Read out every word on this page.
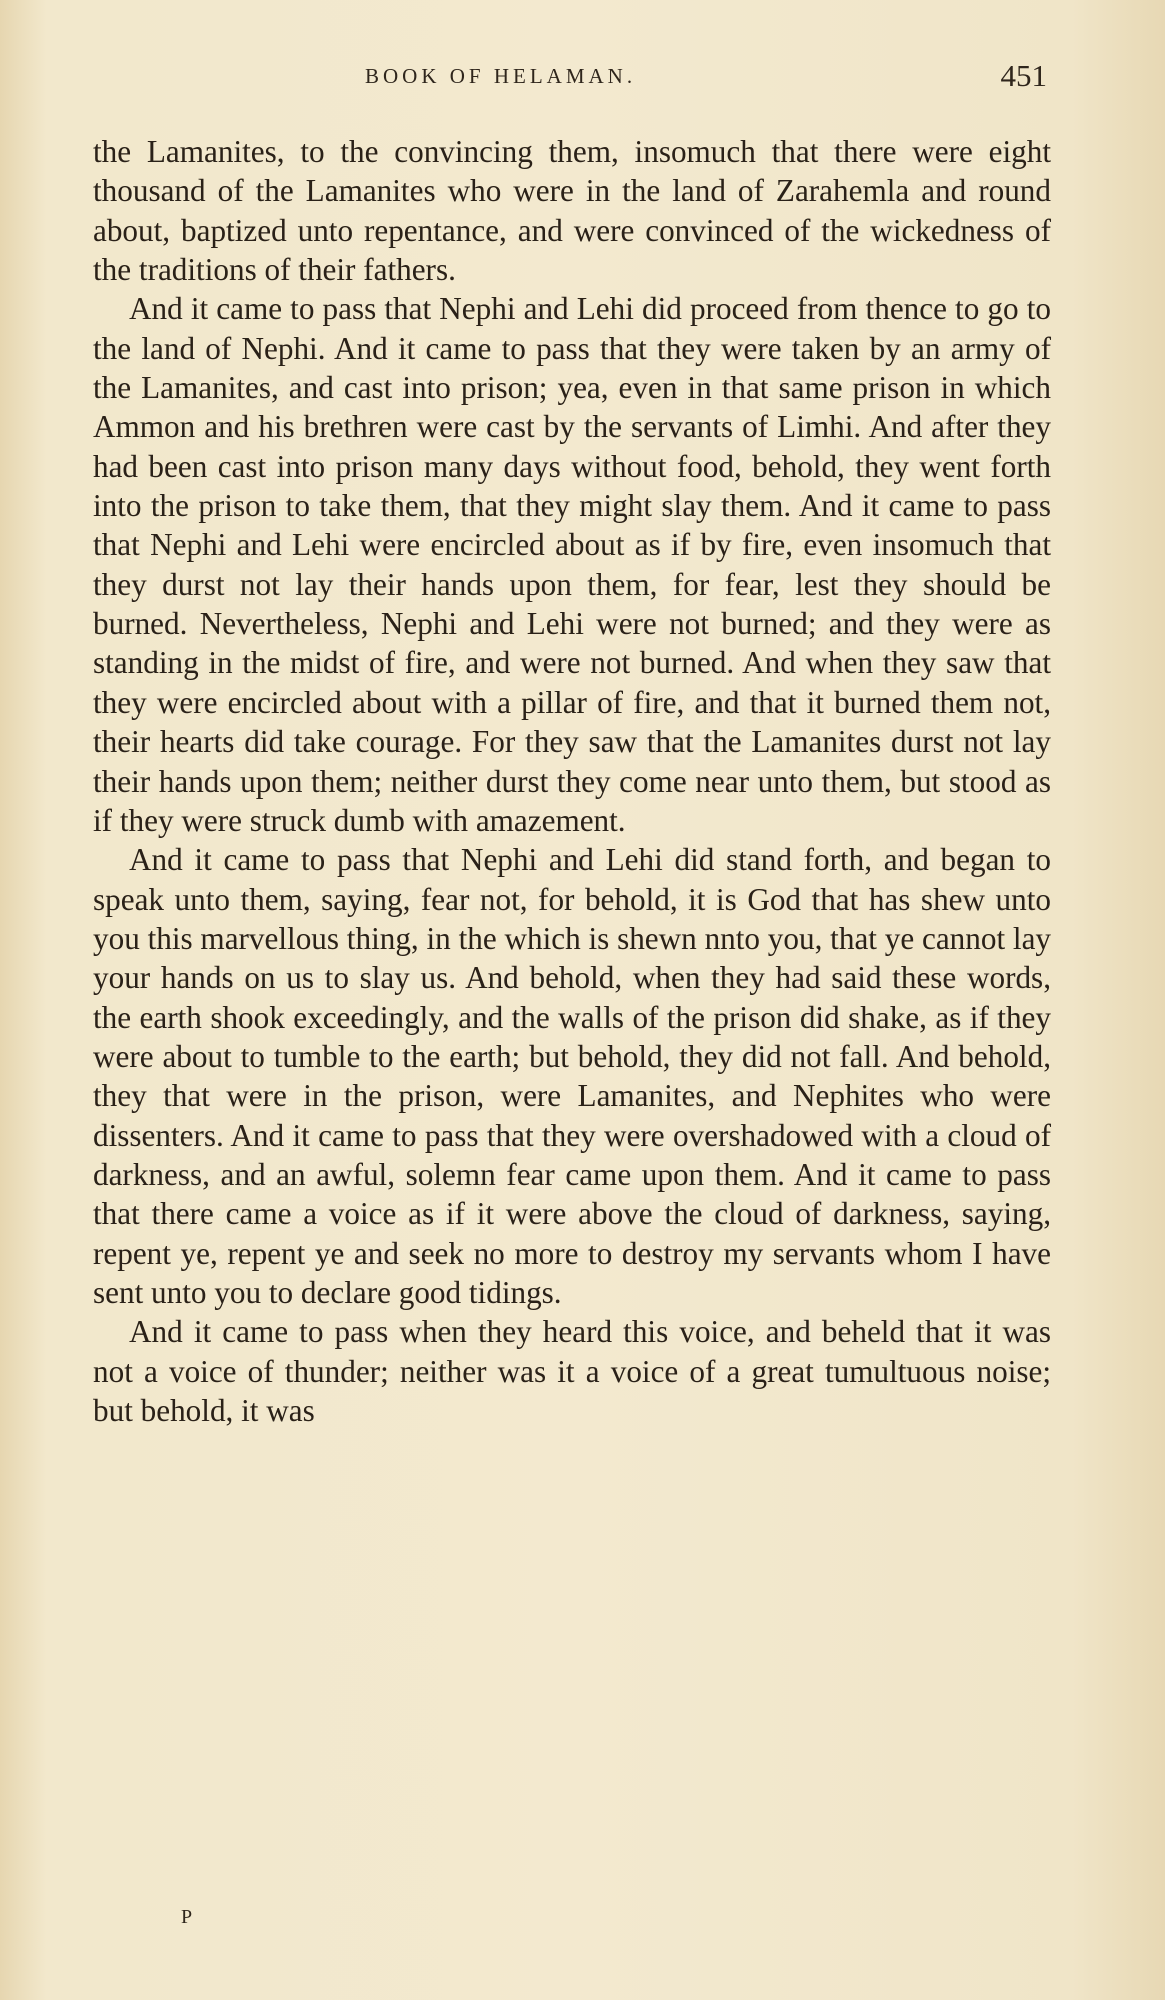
BOOK OF HELAMAN.	451

the Lamanites, to the convincing them, insomuch that there were eight thousand of the Lamanites who were in the land of Zarahemla and round about, baptized unto repentance, and were convinced of the wickedness of the traditions of their fathers.

And it came to pass that Nephi and Lehi did proceed from thence to go to the land of Nephi. And it came to pass that they were taken by an army of the Lamanites, and cast into prison; yea, even in that same prison in which Ammon and his brethren were cast by the servants of Limhi. And after they had been cast into prison many days without food, behold, they went forth into the prison to take them, that they might slay them. And it came to pass that Nephi and Lehi were encircled about as if by fire, even insomuch that they durst not lay their hands upon them, for fear, lest they should be burned. Nevertheless, Nephi and Lehi were not burned; and they were as standing in the midst of fire, and were not burned. And when they saw that they were encircled about with a pillar of fire, and that it burned them not, their hearts did take courage. For they saw that the Lamanites durst not lay their hands upon them; neither durst they come near unto them, but stood as if they were struck dumb with amazement.

And it came to pass that Nephi and Lehi did stand forth, and began to speak unto them, saying, fear not, for behold, it is God that has shew unto you this marvellous thing, in the which is shewn nnto you, that ye cannot lay your hands on us to slay us. And behold, when they had said these words, the earth shook exceedingly, and the walls of the prison did shake, as if they were about to tumble to the earth; but behold, they did not fall. And behold, they that were in the prison, were Lamanites, and Nephites who were dissenters. And it came to pass that they were overshadowed with a cloud of darkness, and an awful, solemn fear came upon them. And it came to pass that there came a voice as if it were above the cloud of darkness, saying, repent ye, repent ye and seek no more to destroy my servants whom I have sent unto you to declare good tidings.

And it came to pass when they heard this voice, and beheld that it was not a voice of thunder; neither was it a voice of a great tumultuous noise; but behold, it was

P
